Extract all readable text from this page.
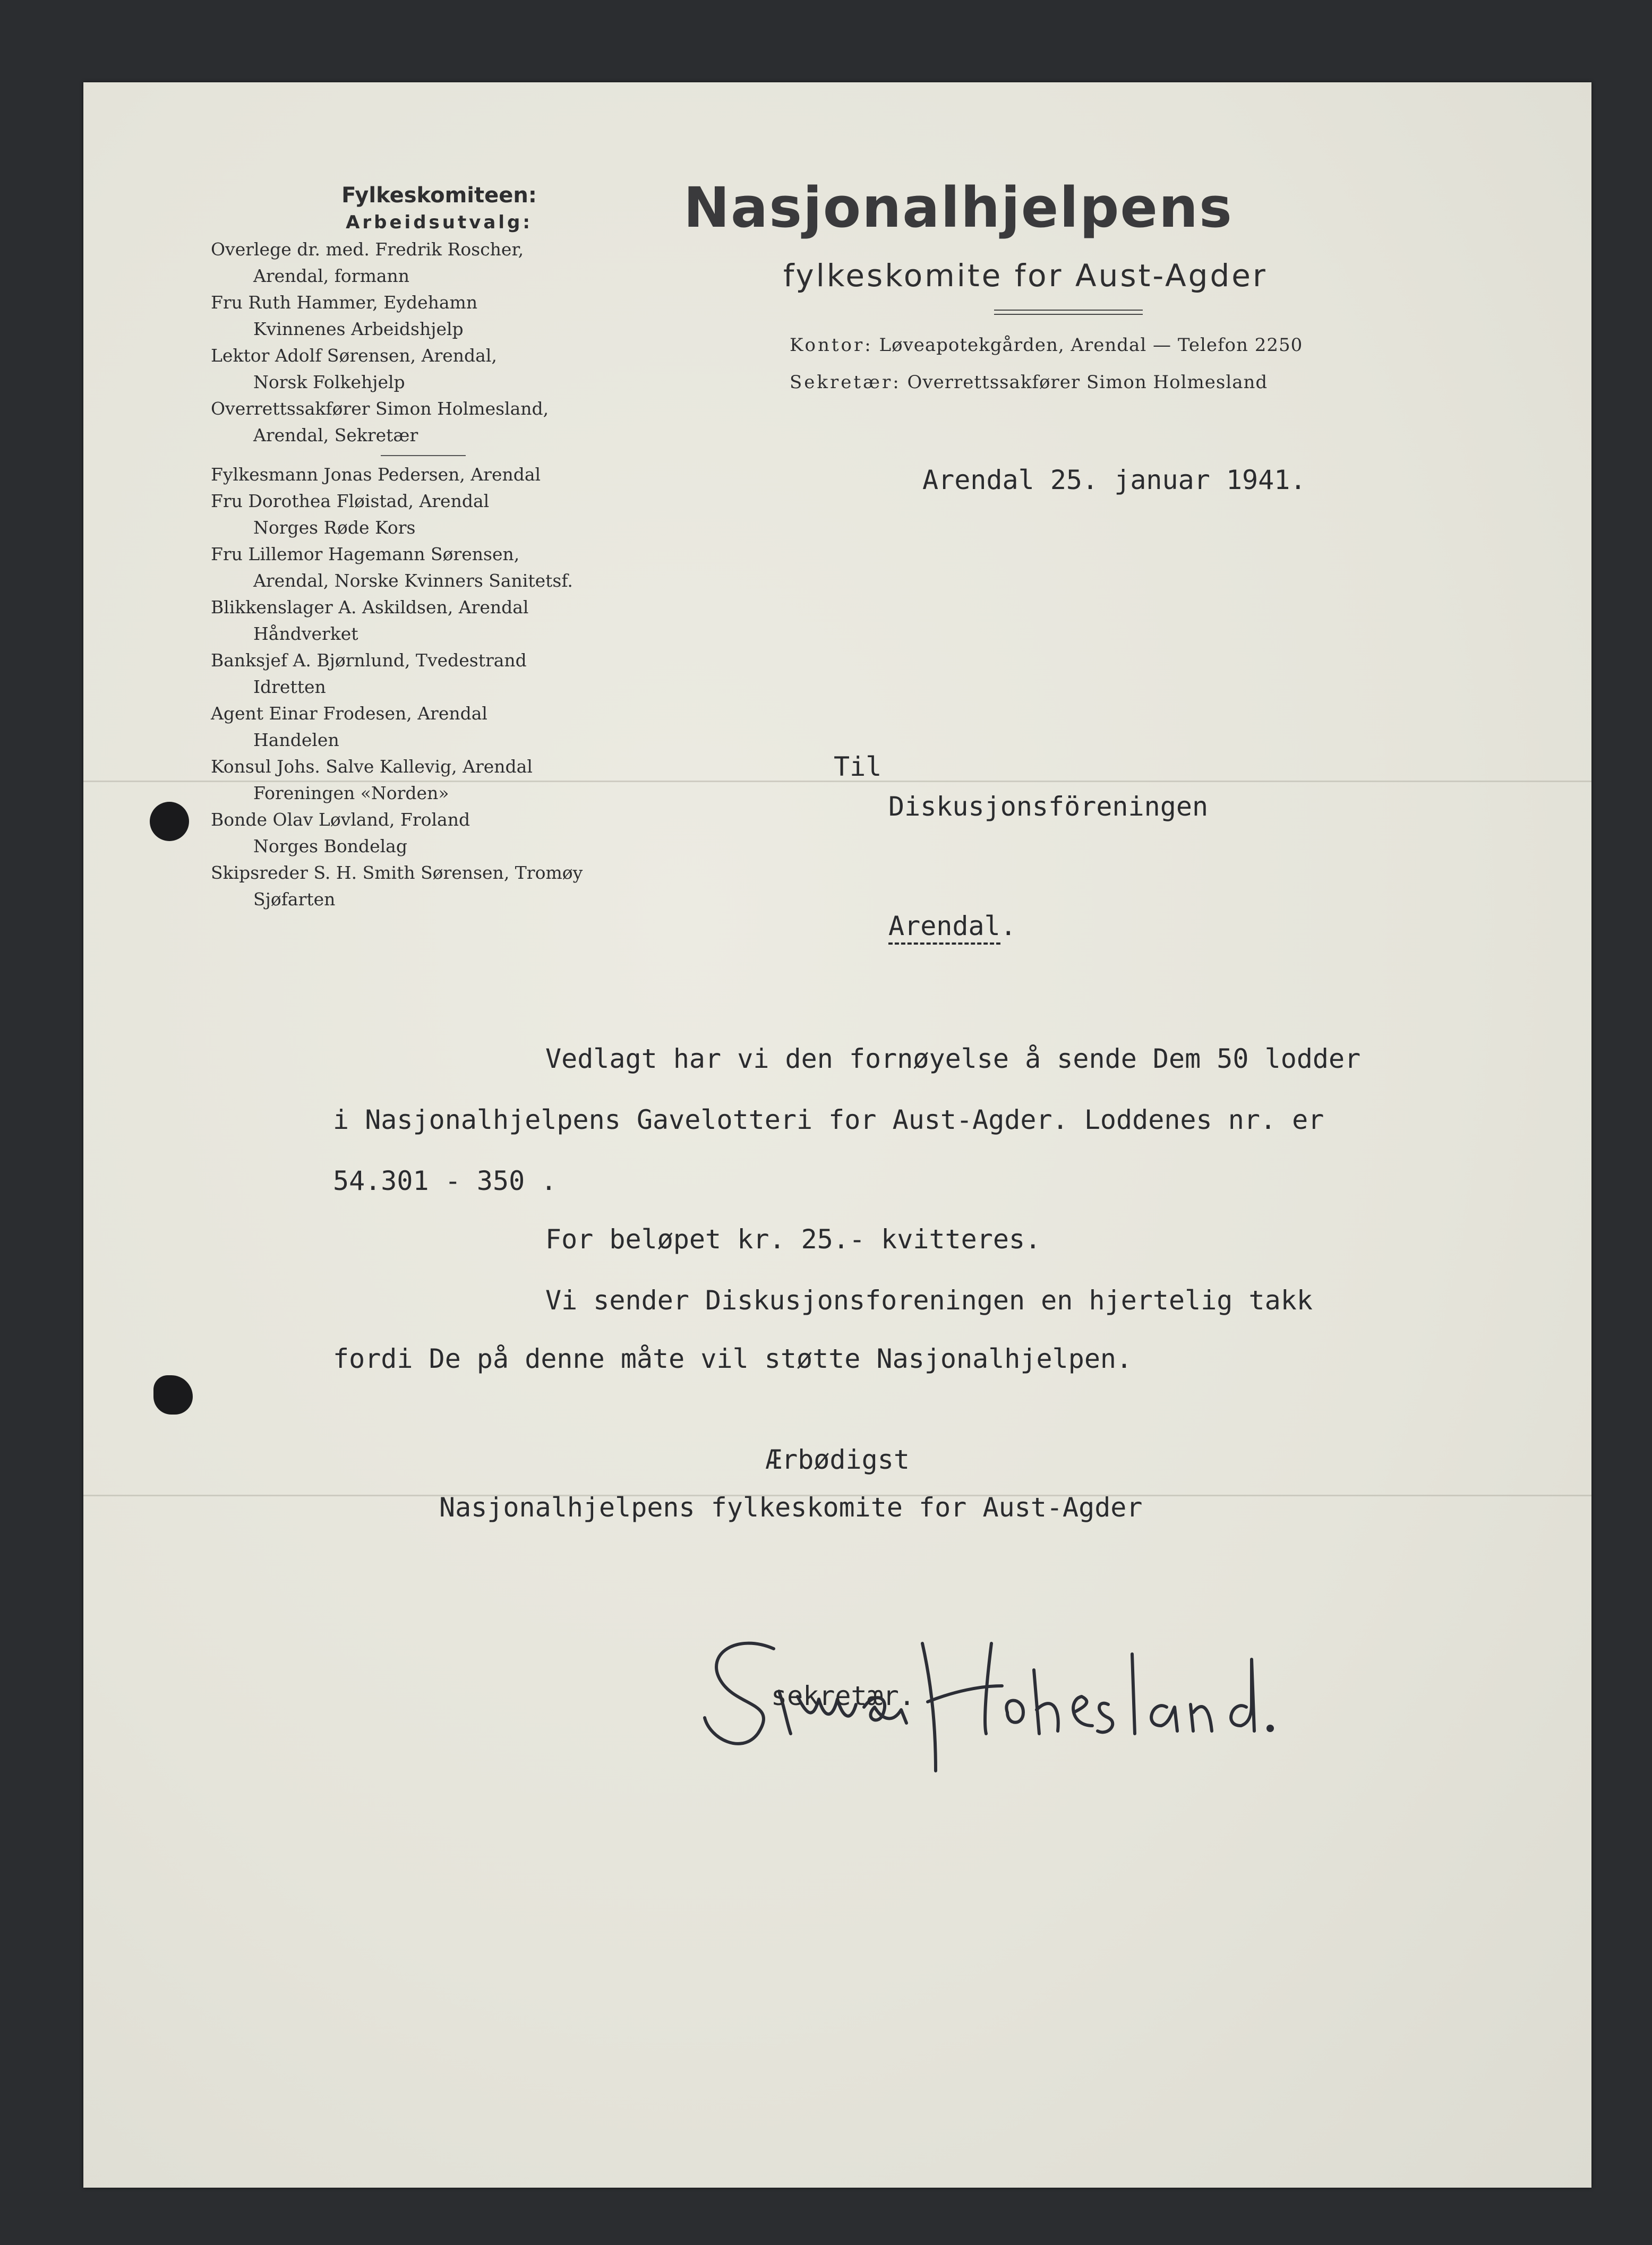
Fylkeskomiteen:
Arbeidsutvalg:
Overlege dr. med. Fredrik Roscher,
Arendal, formann
Fru Ruth Hammer, Eydehamn
Kvinnenes Arbeidshjelp
Lektor Adolf Sørensen, Arendal,
Norsk Folkehjelp
Overrettssakfører Simon Holmesland,
Arendal, Sekretær
Fylkesmann Jonas Pedersen, Arendal
Fru Dorothea Fløistad, Arendal
Norges Røde Kors
Fru Lillemor Hagemann Sørensen,
Arendal, Norske Kvinners Sanitetsf.
Blikkenslager A. Askildsen, Arendal
Håndverket
Banksjef A. Bjørnlund, Tvedestrand
Idretten
Agent Einar Frodesen, Arendal
Handelen
Konsul Johs. Salve Kallevig, Arendal
Foreningen «Norden»
Bonde Olav Løvland, Froland
Norges Bondelag
Skipsreder S. H. Smith Sørensen, Tromøy
Sjøfarten
Nasjonalhjelpens
fylkeskomite for Aust-Agder
Kontor: Løveapotekgården, Arendal — Telefon 2250
Sekretær: Overrettssakfører Simon Holmesland
Arendal 25. januar 1941.
Til
Diskusjonsföreningen
Arendal.
Vedlagt har vi den fornøyelse å sende Dem 50 lodder
i Nasjonalhjelpens Gavelotteri for Aust-Agder. Loddenes nr. er
54.301 - 350 .
For beløpet kr. 25.- kvitteres.
Vi sender Diskusjonsforeningen en hjertelig takk
fordi De på denne måte vil støtte Nasjonalhjelpen.
Ærbødigst
Nasjonalhjelpens fylkeskomite for Aust-Agder
sekretær.
